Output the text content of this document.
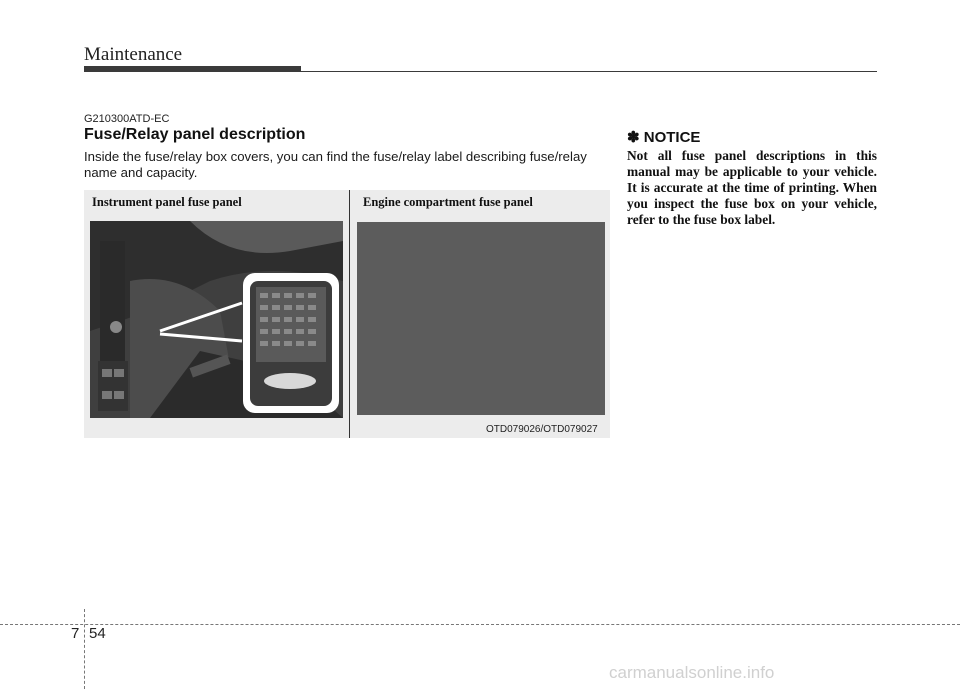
Maintenance
G210300ATD-EC
Fuse/Relay panel description
Inside the fuse/relay box covers, you can find the fuse/relay label describing fuse/relay name and capacity.
Instrument panel fuse panel	Engine compartment fuse panel
OTD079026/OTD079027
✽ NOTICE
Not all fuse panel descriptions in this manual may be applicable to your vehicle. It is accurate at the time of printing. When you inspect the fuse box on your vehicle, refer to the fuse box label.
7 54
carmanualsonline.info
